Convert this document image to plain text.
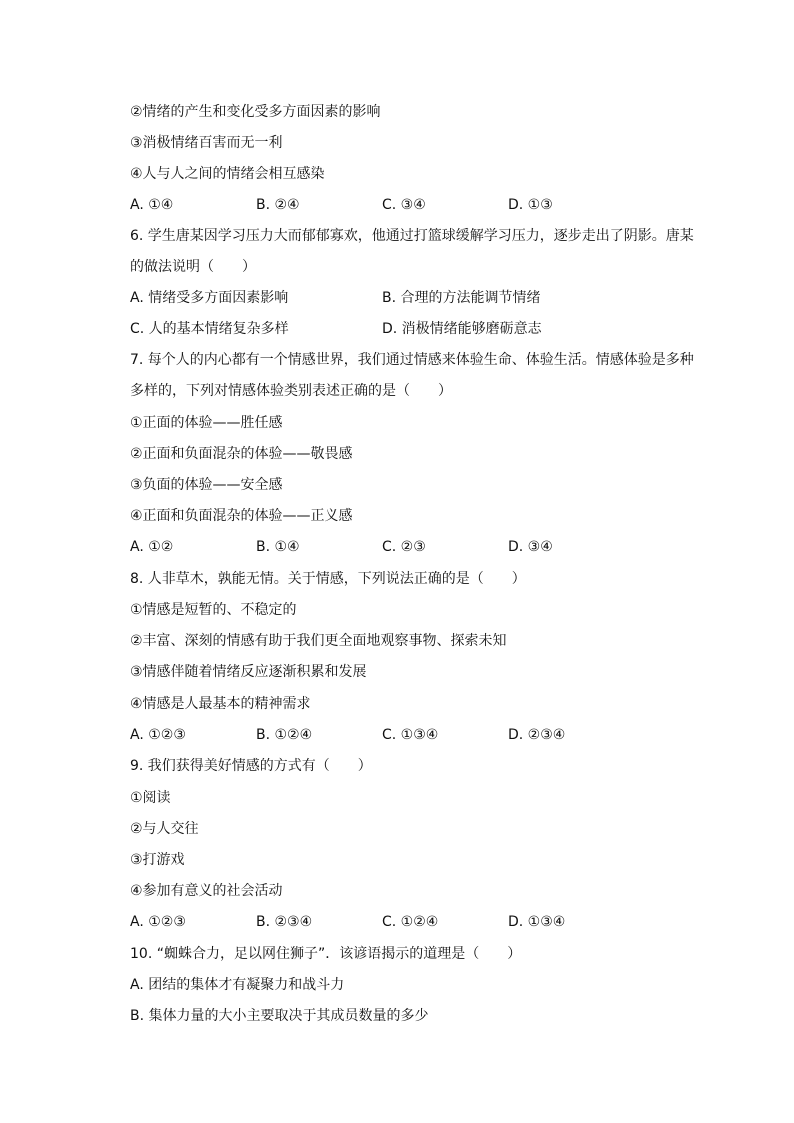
②情绪的产生和变化受多方面因素的影响
③消极情绪百害而无一利
④人与人之间的情绪会相互感染
A. ①④	B. ②④	C. ③④	D. ①③
6. 学生唐某因学习压力大而郁郁寡欢，他通过打篮球缓解学习压力，逐步走出了阴影。唐某
的做法说明（　　）
A. 情绪受多方面因素影响	B. 合理的方法能调节情绪
C. 人的基本情绪复杂多样	D. 消极情绪能够磨砺意志
7. 每个人的内心都有一个情感世界，我们通过情感来体验生命、体验生活。情感体验是多种
多样的，下列对情感体验类别表述正确的是（　　）
①正面的体验——胜任感
②正面和负面混杂的体验——敬畏感
③负面的体验——安全感
④正面和负面混杂的体验——正义感
A. ①②	B. ①④	C. ②③	D. ③④
8. 人非草木，孰能无情。关于情感，下列说法正确的是（　　）
①情感是短暂的、不稳定的
②丰富、深刻的情感有助于我们更全面地观察事物、探索未知
③情感伴随着情绪反应逐渐积累和发展
④情感是人最基本的精神需求
A. ①②③	B. ①②④	C. ①③④	D. ②③④
9. 我们获得美好情感的方式有（　　）
①阅读
②与人交往
③打游戏
④参加有意义的社会活动
A. ①②③	B. ②③④	C. ①②④	D. ①③④
10. “蜘蛛合力，足以网住狮子”．该谚语揭示的道理是（　　）
A. 团结的集体才有凝聚力和战斗力
B. 集体力量的大小主要取决于其成员数量的多少
